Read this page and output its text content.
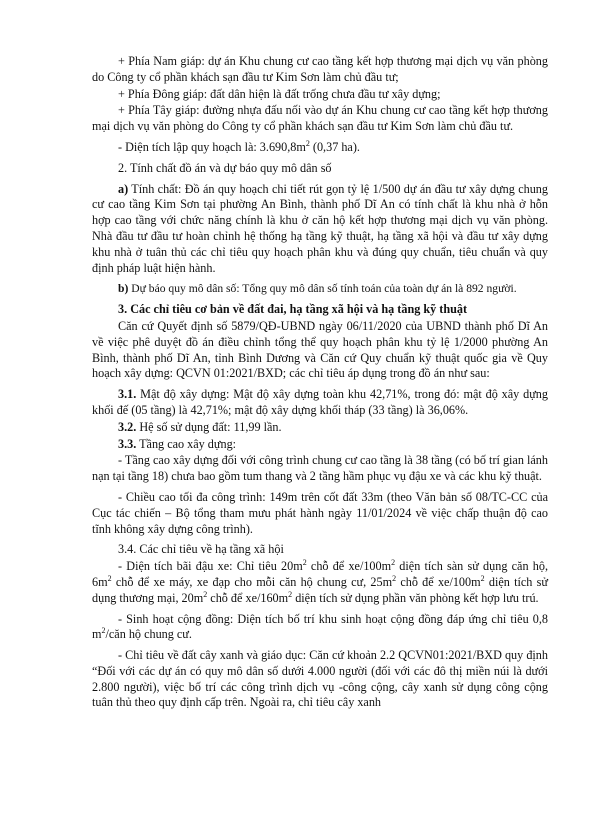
+ Phía Nam giáp: dự án Khu chung cư cao tầng kết hợp thương mại dịch vụ văn phòng do Công ty cổ phần khách sạn đầu tư Kim Sơn làm chủ đầu tư;

+ Phía Đông giáp: đất dân hiện là đất trống chưa đầu tư xây dựng;

+ Phía Tây giáp: đường nhựa đấu nối vào dự án Khu chung cư cao tầng kết hợp thương mại dịch vụ văn phòng do Công ty cổ phần khách sạn đầu tư Kim Sơn làm chủ đầu tư.

- Diện tích lập quy hoạch là: $3.690,8m^2$ (0,37 ha).

2. Tính chất đồ án và dự báo quy mô dân số

a) Tính chất: Đồ án quy hoạch chi tiết rút gọn tỷ lệ 1/500 dự án đầu tư xây dựng chung cư cao tầng Kim Sơn tại phường An Bình, thành phố Dĩ An có tính chất là khu nhà ở hỗn hợp cao tầng với chức năng chính là khu ở căn hộ kết hợp thương mại dịch vụ văn phòng. Nhà đầu tư đầu tư hoàn chỉnh hệ thống hạ tầng kỹ thuật, hạ tầng xã hội và đầu tư xây dựng khu nhà ở tuân thủ các chỉ tiêu quy hoạch phân khu và đúng quy chuẩn, tiêu chuẩn và quy định pháp luật hiện hành.

b) Dự báo quy mô dân số: Tổng quy mô dân số tính toán của toàn dự án là 892 người.

3. Các chỉ tiêu cơ bản về đất đai, hạ tầng xã hội và hạ tầng kỹ thuật

Căn cứ Quyết định số 5879/QĐ-UBND ngày 06/11/2020 của UBND thành phố Dĩ An về việc phê duyệt đồ án điều chỉnh tổng thể quy hoạch phân khu tỷ lệ 1/2000 phường An Bình, thành phố Dĩ An, tỉnh Bình Dương và Căn cứ Quy chuẩn kỹ thuật quốc gia về Quy hoạch xây dựng: QCVN 01:2021/BXD; các chỉ tiêu áp dụng trong đồ án như sau:

3.1. Mật độ xây dựng: Mật độ xây dựng toàn khu 42,71%, trong đó: mật độ xây dựng khối đế (05 tầng) là 42,71%; mật độ xây dựng khối tháp (33 tầng) là 36,06%.

3.2. Hệ số sử dụng đất: 11,99 lần.

3.3. Tầng cao xây dựng:

- Tầng cao xây dựng đối với công trình chung cư cao tầng là 38 tầng (có bố trí gian lánh nạn tại tầng 18) chưa bao gồm tum thang và 2 tầng hầm phục vụ đậu xe và các khu kỹ thuật.

- Chiều cao tối đa công trình: 149m trên cốt đất 33m (theo Văn bản số 08/TC-CC của Cục tác chiến – Bộ tổng tham mưu phát hành ngày 11/01/2024 về việc chấp thuận độ cao tĩnh không xây dựng công trình).

3.4. Các chỉ tiêu về hạ tầng xã hội

- Diện tích bãi đậu xe: Chỉ tiêu $20m^2$ chỗ để $xe/100m^2$ diện tích sàn sử dụng căn hộ, $6m^2$ chỗ để xe máy, xe đạp cho mỗi căn hộ chung cư, $25m^2$ chỗ để $xe/100m^2$ diện tích sử dụng thương mại, $20m^2$ chỗ để $xe/160m^2$ diện tích sử dụng phần văn phòng kết hợp lưu trú.

- Sinh hoạt cộng đồng: Diện tích bố trí khu sinh hoạt cộng đồng đáp ứng chỉ tiêu 0,8 $m^2$/căn hộ chung cư.

- Chỉ tiêu về đất cây xanh và giáo dục: Căn cứ khoản 2.2 QCVN01:2021/BXD quy định “Đối với các dự án có quy mô dân số dưới 4.000 người (đối với các đô thị miền núi là dưới 2.800 người), việc bố trí các công trình dịch vụ -công cộng, cây xanh sử dụng công cộng tuân thủ theo quy định cấp trên. Ngoài ra, chỉ tiêu cây xanh
